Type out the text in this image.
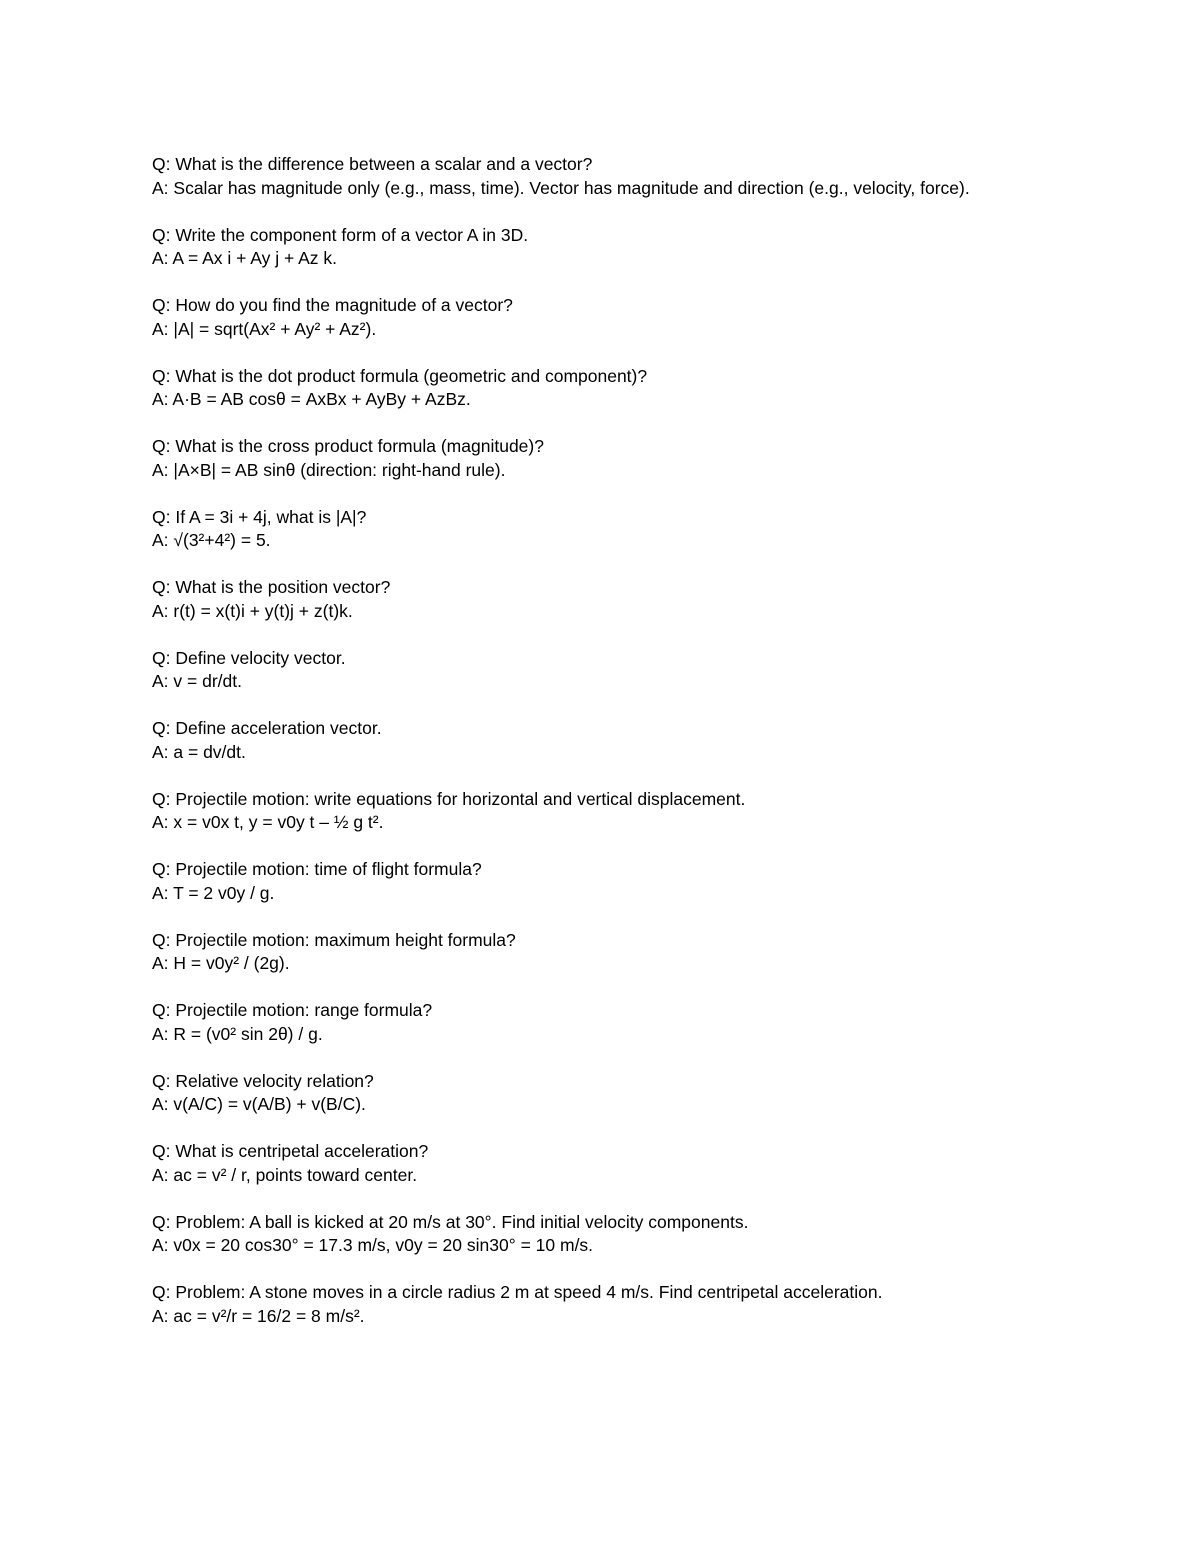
Q: What is the difference between a scalar and a vector?
A: Scalar has magnitude only (e.g., mass, time). Vector has magnitude and direction (e.g., velocity, force).
Q: Write the component form of a vector A in 3D.
A: A = Ax i + Ay j + Az k.
Q: How do you find the magnitude of a vector?
A: |A| = sqrt(Ax² + Ay² + Az²).
Q: What is the dot product formula (geometric and component)?
A: A·B = AB cosθ = AxBx + AyBy + AzBz.
Q: What is the cross product formula (magnitude)?
A: |A×B| = AB sinθ (direction: right-hand rule).
Q: If A = 3i + 4j, what is |A|?
A: √(3²+4²) = 5.
Q: What is the position vector?
A: r(t) = x(t)i + y(t)j + z(t)k.
Q: Define velocity vector.
A: v = dr/dt.
Q: Define acceleration vector.
A: a = dv/dt.
Q: Projectile motion: write equations for horizontal and vertical displacement.
A: x = v0x t, y = v0y t – ½ g t².
Q: Projectile motion: time of flight formula?
A: T = 2 v0y / g.
Q: Projectile motion: maximum height formula?
A: H = v0y² / (2g).
Q: Projectile motion: range formula?
A: R = (v0² sin 2θ) / g.
Q: Relative velocity relation?
A: v(A/C) = v(A/B) + v(B/C).
Q: What is centripetal acceleration?
A: ac = v² / r, points toward center.
Q: Problem: A ball is kicked at 20 m/s at 30°. Find initial velocity components.
A: v0x = 20 cos30° = 17.3 m/s, v0y = 20 sin30° = 10 m/s.
Q: Problem: A stone moves in a circle radius 2 m at speed 4 m/s. Find centripetal acceleration.
A: ac = v²/r = 16/2 = 8 m/s².
